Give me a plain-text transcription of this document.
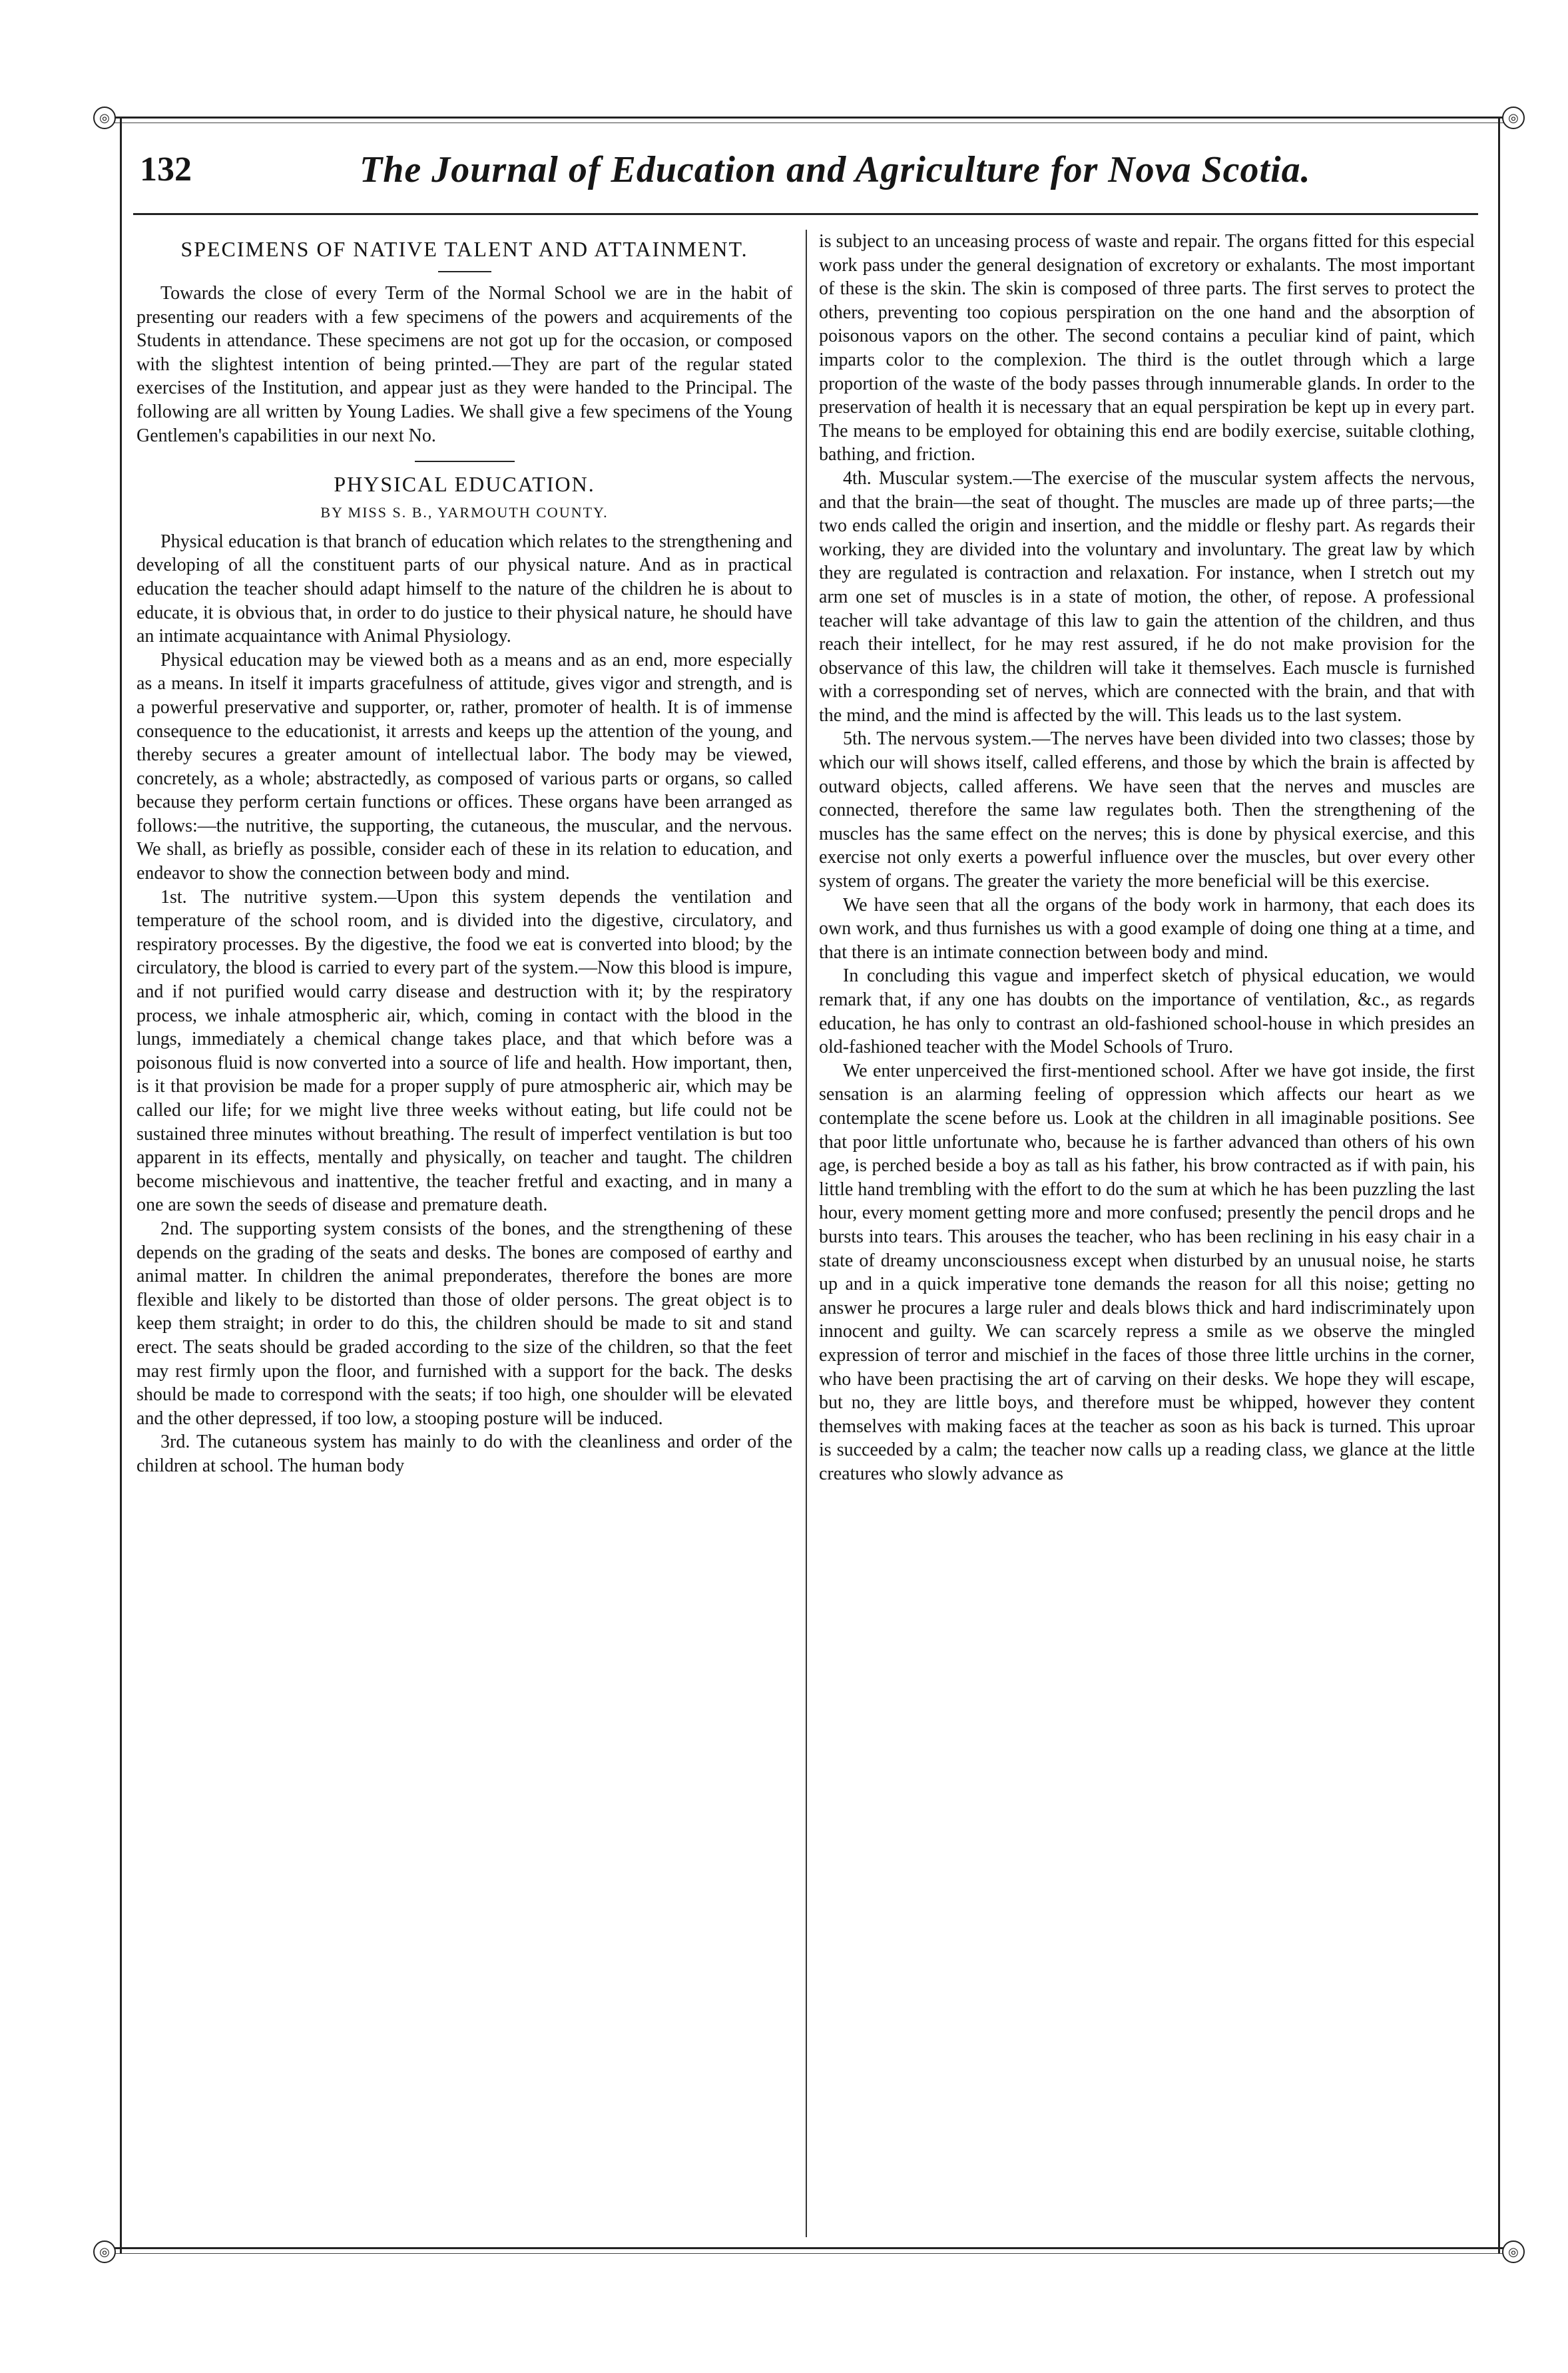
◎	◎
◎	◎
132	The Journal of Education and Agriculture for Nova Scotia.
SPECIMENS OF NATIVE TALENT AND ATTAINMENT.

Towards the close of every Term of the Normal School we are in the habit of presenting our readers with a few specimens of the powers and acquirements of the Students in attendance. These specimens are not got up for the occasion, or composed with the slightest intention of being printed.—They are part of the regular stated exercises of the Institution, and appear just as they were handed to the Principal. The following are all written by Young Ladies. We shall give a few specimens of the Young Gentlemen's capabilities in our next No.

PHYSICAL EDUCATION.
BY MISS S. B., YARMOUTH COUNTY.

Physical education is that branch of education which relates to the strengthening and developing of all the constituent parts of our physical nature. And as in practical education the teacher should adapt himself to the nature of the children he is about to educate, it is obvious that, in order to do justice to their physical nature, he should have an intimate acquaintance with Animal Physiology.

Physical education may be viewed both as a means and as an end, more especially as a means. In itself it imparts gracefulness of attitude, gives vigor and strength, and is a powerful preservative and supporter, or, rather, promoter of health. It is of immense consequence to the educationist, it arrests and keeps up the attention of the young, and thereby secures a greater amount of intellectual labor. The body may be viewed, concretely, as a whole; abstractedly, as composed of various parts or organs, so called because they perform certain functions or offices. These organs have been arranged as follows:—the nutritive, the supporting, the cutaneous, the muscular, and the nervous. We shall, as briefly as possible, consider each of these in its relation to education, and endeavor to show the connection between body and mind.

1st. The nutritive system.—Upon this system depends the ventilation and temperature of the school room, and is divided into the digestive, circulatory, and respiratory processes. By the digestive, the food we eat is converted into blood; by the circulatory, the blood is carried to every part of the system.—Now this blood is impure, and if not purified would carry disease and destruction with it; by the respiratory process, we inhale atmospheric air, which, coming in contact with the blood in the lungs, immediately a chemical change takes place, and that which before was a poisonous fluid is now converted into a source of life and health. How important, then, is it that provision be made for a proper supply of pure atmospheric air, which may be called our life; for we might live three weeks without eating, but life could not be sustained three minutes without breathing. The result of imperfect ventilation is but too apparent in its effects, mentally and physically, on teacher and taught. The children become mischievous and inattentive, the teacher fretful and exacting, and in many a one are sown the seeds of disease and premature death.

2nd. The supporting system consists of the bones, and the strengthening of these depends on the grading of the seats and desks. The bones are composed of earthy and animal matter. In children the animal preponderates, therefore the bones are more flexible and likely to be distorted than those of older persons. The great object is to keep them straight; in order to do this, the children should be made to sit and stand erect. The seats should be graded according to the size of the children, so that the feet may rest firmly upon the floor, and furnished with a support for the back. The desks should be made to correspond with the seats; if too high, one shoulder will be elevated and the other depressed, if too low, a stooping posture will be induced.

3rd. The cutaneous system has mainly to do with the cleanliness and order of the children at school. The human body

is subject to an unceasing process of waste and repair. The organs fitted for this especial work pass under the general designation of excretory or exhalants. The most important of these is the skin. The skin is composed of three parts. The first serves to protect the others, preventing too copious perspiration on the one hand and the absorption of poisonous vapors on the other. The second contains a peculiar kind of paint, which imparts color to the complexion. The third is the outlet through which a large proportion of the waste of the body passes through innumerable glands. In order to the preservation of health it is necessary that an equal perspiration be kept up in every part. The means to be employed for obtaining this end are bodily exercise, suitable clothing, bathing, and friction.

4th. Muscular system.—The exercise of the muscular system affects the nervous, and that the brain—the seat of thought. The muscles are made up of three parts;—the two ends called the origin and insertion, and the middle or fleshy part. As regards their working, they are divided into the voluntary and involuntary. The great law by which they are regulated is contraction and relaxation. For instance, when I stretch out my arm one set of muscles is in a state of motion, the other, of repose. A professional teacher will take advantage of this law to gain the attention of the children, and thus reach their intellect, for he may rest assured, if he do not make provision for the observance of this law, the children will take it themselves. Each muscle is furnished with a corresponding set of nerves, which are connected with the brain, and that with the mind, and the mind is affected by the will. This leads us to the last system.

5th. The nervous system.—The nerves have been divided into two classes; those by which our will shows itself, called efferens, and those by which the brain is affected by outward objects, called afferens. We have seen that the nerves and muscles are connected, therefore the same law regulates both. Then the strengthening of the muscles has the same effect on the nerves; this is done by physical exercise, and this exercise not only exerts a powerful influence over the muscles, but over every other system of organs. The greater the variety the more beneficial will be this exercise.

We have seen that all the organs of the body work in harmony, that each does its own work, and thus furnishes us with a good example of doing one thing at a time, and that there is an intimate connection between body and mind.

In concluding this vague and imperfect sketch of physical education, we would remark that, if any one has doubts on the importance of ventilation, &c., as regards education, he has only to contrast an old-fashioned school-house in which presides an old-fashioned teacher with the Model Schools of Truro.

We enter unperceived the first-mentioned school. After we have got inside, the first sensation is an alarming feeling of oppression which affects our heart as we contemplate the scene before us. Look at the children in all imaginable positions. See that poor little unfortunate who, because he is farther advanced than others of his own age, is perched beside a boy as tall as his father, his brow contracted as if with pain, his little hand trembling with the effort to do the sum at which he has been puzzling the last hour, every moment getting more and more confused; presently the pencil drops and he bursts into tears. This arouses the teacher, who has been reclining in his easy chair in a state of dreamy unconsciousness except when disturbed by an unusual noise, he starts up and in a quick imperative tone demands the reason for all this noise; getting no answer he procures a large ruler and deals blows thick and hard indiscriminately upon innocent and guilty. We can scarcely repress a smile as we observe the mingled expression of terror and mischief in the faces of those three little urchins in the corner, who have been practising the art of carving on their desks. We hope they will escape, but no, they are little boys, and therefore must be whipped, however they content themselves with making faces at the teacher as soon as his back is turned. This uproar is succeeded by a calm; the teacher now calls up a reading class, we glance at the little creatures who slowly advance as
